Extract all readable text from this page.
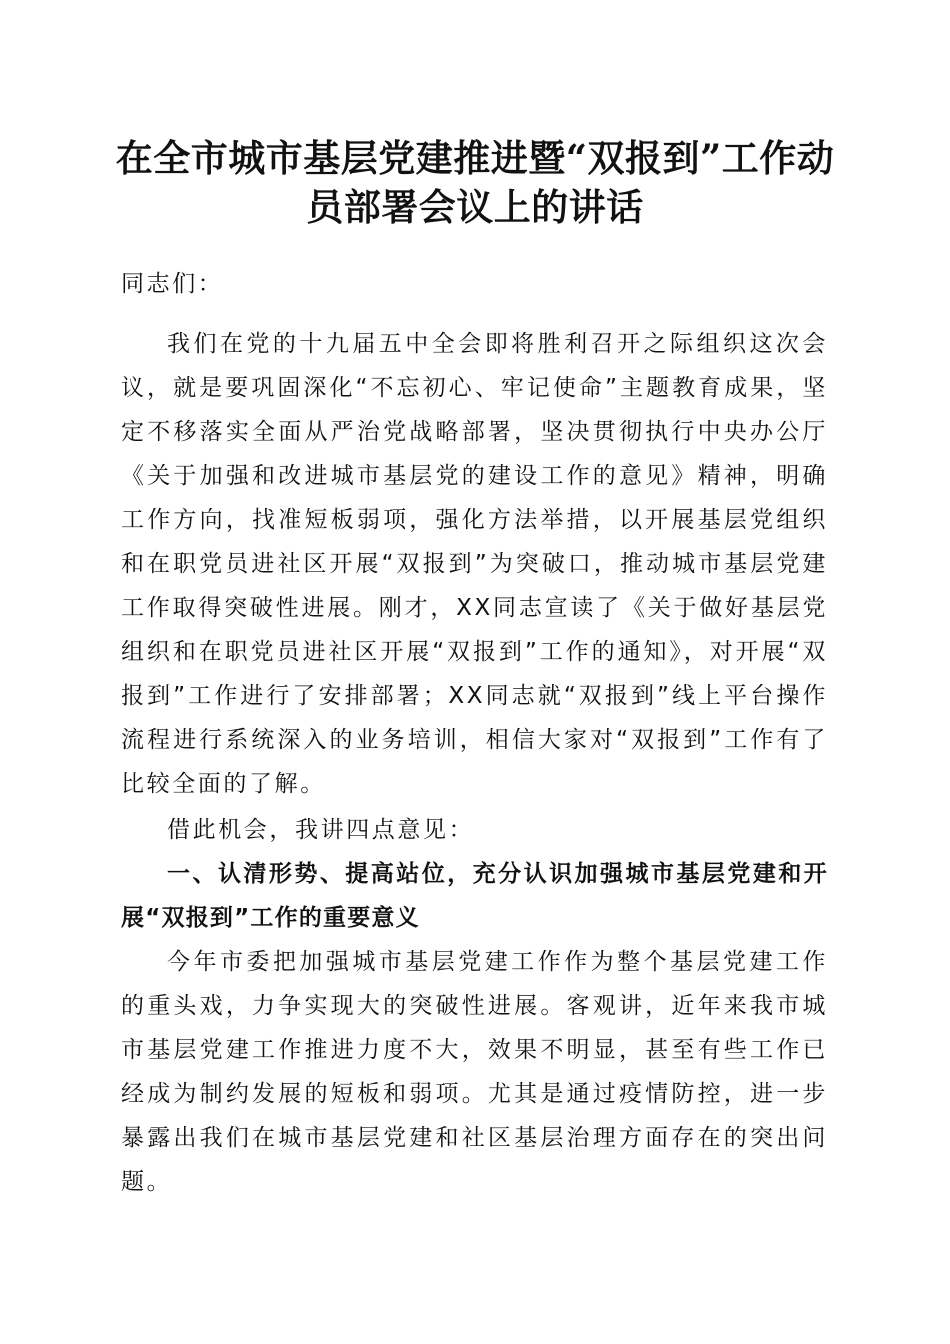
在全市城市基层党建推进暨“双报到”工作动员部署会议上的讲话

同志们：

我们在党的十九届五中全会即将胜利召开之际组织这次会议，就是要巩固深化“不忘初心、牢记使命”主题教育成果，坚定不移落实全面从严治党战略部署，坚决贯彻执行中央办公厅《关于加强和改进城市基层党的建设工作的意见》精神，明确工作方向，找准短板弱项，强化方法举措，以开展基层党组织和在职党员进社区开展“双报到”为突破口，推动城市基层党建工作取得突破性进展。刚才，XX同志宣读了《关于做好基层党组织和在职党员进社区开展“双报到”工作的通知》，对开展“双报到”工作进行了安排部署；XX同志就“双报到”线上平台操作流程进行系统深入的业务培训，相信大家对“双报到”工作有了比较全面的了解。

借此机会，我讲四点意见：

一、认清形势、提高站位，充分认识加强城市基层党建和开展“双报到”工作的重要意义

今年市委把加强城市基层党建工作作为整个基层党建工作的重头戏，力争实现大的突破性进展。客观讲，近年来我市城市基层党建工作推进力度不大，效果不明显，甚至有些工作已经成为制约发展的短板和弱项。尤其是通过疫情防控，进一步暴露出我们在城市基层党建和社区基层治理方面存在的突出问题。
